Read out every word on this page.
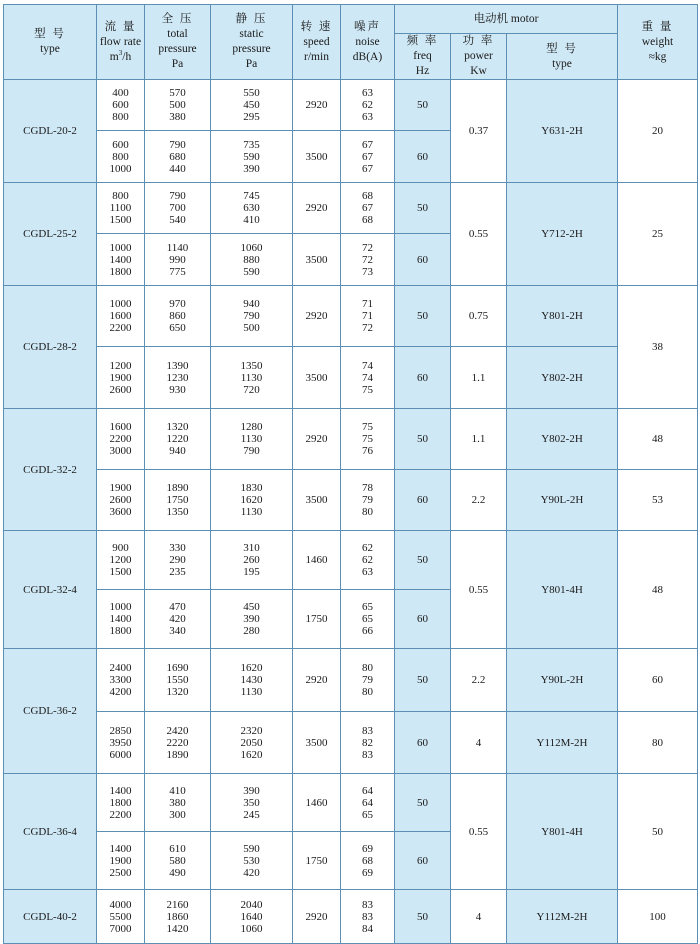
型 号
type	流 量
flow rate
$m^3/h$	全 压
total
pressure
Pa	静 压
static
pressure
Pa	转 速
speed
r/min	噪声
noise
dB(A)	电动机 motor			重 量
weight
≈kg

						频 率
freq
Hz	功 率
power
Kw	型 号
type	

CGDL-20-2	400
600
800	570
500
380	550
450
295	2920	63
62
63	50	0.37	Y631-2H	20
	600
800
1000	790
680
440	735
590
390	3500	67
67
67	60			
CGDL-25-2	800
1100
1500	790
700
540	745
630
410	2920	68
67
68	50	0.55	Y712-2H	25
	1000
1400
1800	1140
990
775	1060
880
590	3500	72
72
73	60			
CGDL-28-2	1000
1600
2200	970
860
650	940
790
500	2920	71
71
72	50	0.75	Y801-2H	38
	1200
1900
2600	1390
1230
930	1350
1130
720	3500	74
74
75	60	1.1	Y802-2H	
CGDL-32-2	1600
2200
3000	1320
1220
940	1280
1130
790	2920	75
75
76	50	1.1	Y802-2H	48
	1900
2600
3600	1890
1750
1350	1830
1620
1130	3500	78
79
80	60	2.2	Y90L-2H	53
CGDL-32-4	900
1200
1500	330
290
235	310
260
195	1460	62
62
63	50	0.55	Y801-4H	48
	1000
1400
1800	470
420
340	450
390
280	1750	65
65
66	60			
CGDL-36-2	2400
3300
4200	1690
1550
1320	1620
1430
1130	2920	80
79
80	50	2.2	Y90L-2H	60
	2850
3950
6000	2420
2220
1890	2320
2050
1620	3500	83
82
83	60	4	Y112M-2H	80
CGDL-36-4	1400
1800
2200	410
380
300	390
350
245	1460	64
64
65	50	0.55	Y801-4H	50
	1400
1900
2500	610
580
490	590
530
420	1750	69
68
69	60			
CGDL-40-2	4000
5500
7000	2160
1860
1420	2040
1640
1060	2920	83
83
84	50	4	Y112M-2H	100
